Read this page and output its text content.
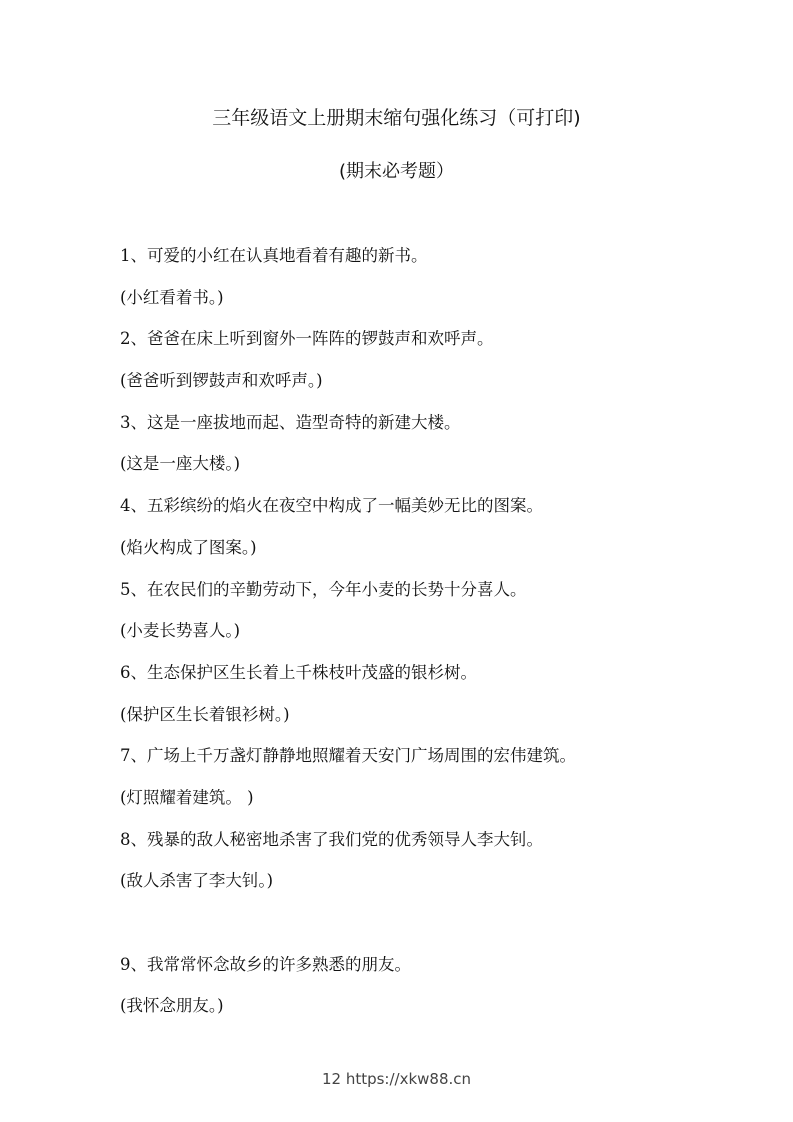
三年级语文上册期末缩句强化练习（可打印)
(期末必考题）
1、可爱的小红在认真地看着有趣的新书。
(小红看着书。)
2、爸爸在床上听到窗外一阵阵的锣鼓声和欢呼声。
(爸爸听到锣鼓声和欢呼声。)
3、这是一座拔地而起、造型奇特的新建大楼。
(这是一座大楼。)
4、五彩缤纷的焰火在夜空中构成了一幅美妙无比的图案。
(焰火构成了图案。)
5、在农民们的辛勤劳动下，今年小麦的长势十分喜人。
(小麦长势喜人。)
6、生态保护区生长着上千株枝叶茂盛的银杉树。
(保护区生长着银衫树。)
7、广场上千万盏灯静静地照耀着天安门广场周围的宏伟建筑。
(灯照耀着建筑。 )
8、残暴的敌人秘密地杀害了我们党的优秀领导人李大钊。
(敌人杀害了李大钊。)
9、我常常怀念故乡的许多熟悉的朋友。
(我怀念朋友。)
12 https://xkw88.cn
